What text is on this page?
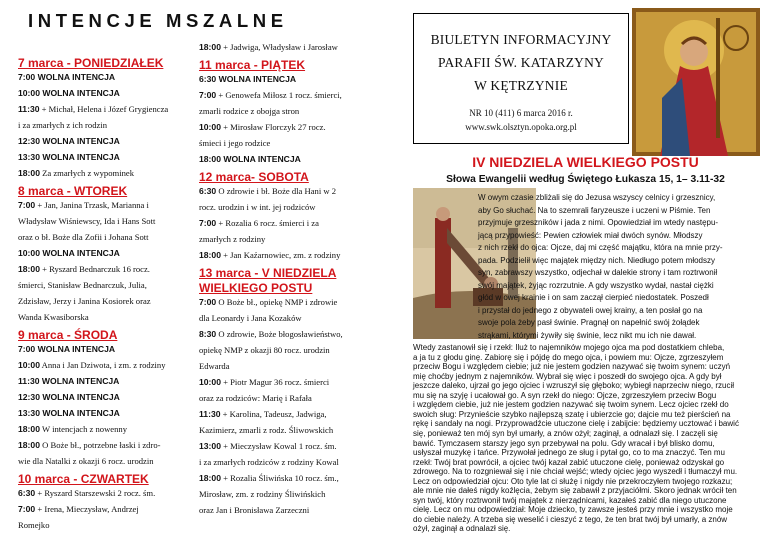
INTENCJE MSZALNE
7 marca - PONIEDZIAŁEK
7:00 WOLNA INTENCJA
10:00 WOLNA INTENCJA
11:30 + Michał, Helena i Józef Grygiencza
i za zmarłych z ich rodzin
12:30 WOLNA INTENCJA
13:30 WOLNA INTENCJA
18:00 Za zmarłych z wypominek
8 marca - WTOREK
7:00 + Jan, Janina Trzask, Marianna i
Władysław Wiśniewscy, Ida i Hans Sott
oraz o bł. Boże dla Zofii i Johana Sott
10:00 WOLNA INTENCJA
18:00 + Ryszard Bednarczuk 16 rocz.
śmierci, Stanisław Bednarczuk, Julia,
Zdzisław, Jerzy i Janina Kosiorek oraz
Wanda Kwasiborska
9 marca - ŚRODA
7:00 WOLNA INTENCJA
10:00 Anna i Jan Dziwota, i zm. z rodziny
11:30 WOLNA INTENCJA
12:30 WOLNA INTENCJA
13:30 WOLNA INTENCJA
18:00 W intencjach z nowenny
18:00 O Boże bł., potrzebne łaski i zdro-
wie dla Natalki z okazji 6 rocz. urodzin
10 marca - CZWARTEK
6:30 + Ryszard Starszewski 2 rocz. śm.
7:00 + Irena, Mieczysław, Andrzej
Romejko
18:00 + Jadwiga, Władysław i Jarosław
11 marca - PIĄTEK
6:30 WOLNA INTENCJA
7:00 + Genowefa Miłosz 1 rocz. śmierci,
zmarli rodzice z obojga stron
10:00 + Mirosław Florczyk 27 rocz.
śmieci i jego rodzice
18:00 WOLNA INTENCJA
12 marca- SOBOTA
6:30 O zdrowie i bł. Boże dla Hani w 2
rocz. urodzin i w int. jej rodziców
7:00 + Rozalia 6 rocz. śmierci i za
zmarłych z rodziny
18:00 + Jan Kaźarnowiec, zm. z rodziny
13 marca - V NIEDZIELA
WIELKIEGO POSTU
7:00 O Boże bł., opiekę NMP i zdrowie
dla Leonardy i Jana Kozaków
8:30 O zdrowie, Boże błogosławieństwo,
opiekę NMP z okazji 80 rocz. urodzin
Edwarda
10:00 + Piotr Magur 36 rocz. śmierci
oraz za rodziców: Marię i Rafała
11:30 + Karolina, Tadeusz, Jadwiga,
Kazimierz, zmarli z rodz. Śliwowskich
13:00 + Mieczysław Kowal 1 rocz. śm.
i za zmarłych rodziców z rodziny Kowal
18:00 + Rozalia Śliwińska 10 rocz. śm.,
Mirosław, zm. z rodziny Śliwińskich
oraz Jan i Bronisława Zarzeczni
BIULETYN INFORMACYJNY
PARAFII ŚW. KATARZYNY
W KĘTRZYNIE
NR 10 (411) 6 marca 2016 r.
www.swk.olsztyn.opoka.org.pl
IV NIEDZIELA WIELKIEGO POSTU
Słowa Ewangelii według Świętego Łukasza 15, 1– 3.11-32
W owym czasie zbliżali się do Jezusa wszyscy celnicy i grzesznicy,
aby Go słuchać. Na to szemrali faryzeusze i uczeni w Piśmie. Ten
przyjmuje grzeszników i jada z nimi. Opowiedział im wtedy następu-
jącą przypowieść: Pewien człowiek miał dwóch synów. Młodszy
z nich rzekł do ojca: Ojcze, daj mi część majątku, która na mnie przy-
pada. Podzielił więc majątek między nich. Niedługo potem młodszy
syn, zabrawszy wszystko, odjechał w dalekie strony i tam roztrwonił
swój majątek, żyjąc rozrzutnie. A gdy wszystko wydał, nastał ciężki
głód w owej krainie i on sam zaczął cierpieć niedostatek. Poszedł
i przystał do jednego z obywateli owej krainy, a ten posłał go na
swoje pola żeby pasł świnie. Pragnął on napełnić swój żołądek
strąkami, którymi żywiły się świnie, lecz nikt mu ich nie dawał.
Wtedy zastanowił się i rzekł: Iluż to najemników mojego ojca ma pod dostatkiem chleba,
a ja tu z głodu ginę. Zabiorę się i pójdę do mego ojca, i powiem mu: Ojcze, zgrzeszyłem
przeciw Bogu i względem ciebie; już nie jestem godzien nazywać się twoim synem: uczyń
mię choćby jednym z najemników. Wybrał się więc i poszedł do swojego ojca. A gdy był
jeszcze daleko, ujrzał go jego ojciec i wzruszył się głęboko; wybiegł naprzeciw niego, rzucił
mu się na szyję i ucałował go. A syn rzekł do niego: Ojcze, zgrzeszyłem przeciw Bogu
i względem ciebie, już nie jestem godzien nazywać się twoim synem. Lecz ojciec rzekł do
swoich sług: Przynieście szybko najlepszą szatę i ubierzcie go; dajcie mu też pierścień na
rękę i sandały na nogi. Przyprowadźcie utuczone cielę i zabijcie: będziemy ucztować i bawić
się, ponieważ ten mój syn był umarły, a znów ożył; zaginął, a odnalazł się. I zaczęli się
bawić. Tymczasem starszy jego syn przebywał na polu. Gdy wracał i był blisko domu,
usłyszał muzykę i tańce. Przywołał jednego ze sług i pytał go, co to ma znaczyć. Ten mu
rzekł: Twój brat powrócił, a ojciec twój kazał zabić utuczone cielę, ponieważ odzyskał go
zdrowego. Na to rozgniewał się i nie chciał wejść; wtedy ojciec jego wyszedł i tłumaczył mu.
Lecz on odpowiedział ojcu: Oto tyle lat ci służę i nigdy nie przekroczyłem twojego rozkazu;
ale mnie nie dałeś nigdy koźlęcia, żebym się zabawił z przyjaciółmi. Skoro jednak wrócił ten
syn twój, który roztrwonił twój majątek z nierządnicami, kazałeś zabić dla niego utuczone
cielę. Lecz on mu odpowiedział: Moje dziecko, ty zawsze jesteś przy mnie i wszystko moje
do ciebie należy. A trzeba się weselić i cieszyć z tego, że ten brat twój był umarły, a znów
ożył, zaginął a odnalazł się.
